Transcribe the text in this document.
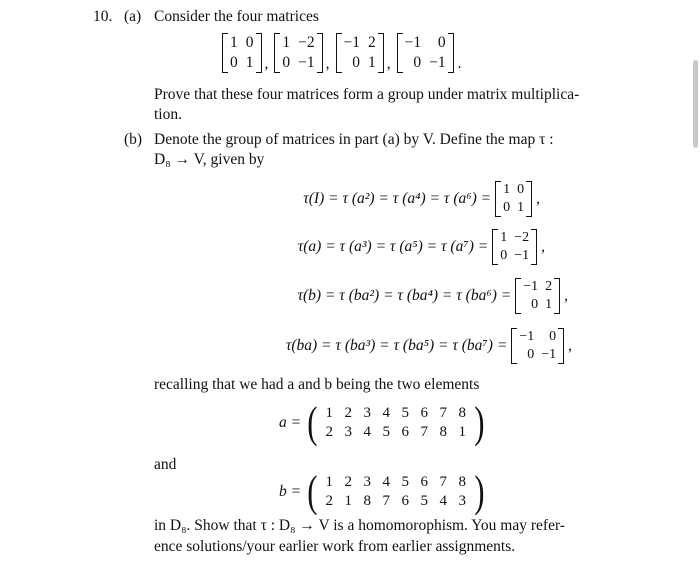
10. (a) Consider the four matrices
1 0
0 1 ,
1 −2
0 −1 ,
−1 2
0 1 ,
−1	0
0 −1 .
Prove that these four matrices form a group under matrix multiplica-
tion.
(b) Denote the group of matrices in part (a) by V. Define the map τ :
D₈ → V, given by
τ(I) = τ (a²) = τ (a⁴) = τ (a⁶) =
1 0
0 1
,
τ(a) = τ (a³) = τ (a⁵) = τ (a⁷) =
1 −2
0 −1
,
τ(b) = τ (ba²) = τ (ba⁴) = τ (ba⁶) =
−1 2
0 1
,
τ(ba) = τ (ba³) = τ (ba⁵) = τ (ba⁷) =
−1	0
0 −1
,
recalling that we had a and b being the two elements
a = ( 1 2 3 4 5 6 7 8
2 3 4 5 6 7 8 1 )
and
b = ( 1 2 3 4 5 6 7 8
2 1 8 7 6 5 4 3 )
in D₈. Show that τ : D₈ → V is a homomorophism. You may refer-
ence solutions/your earlier work from earlier assignments.
